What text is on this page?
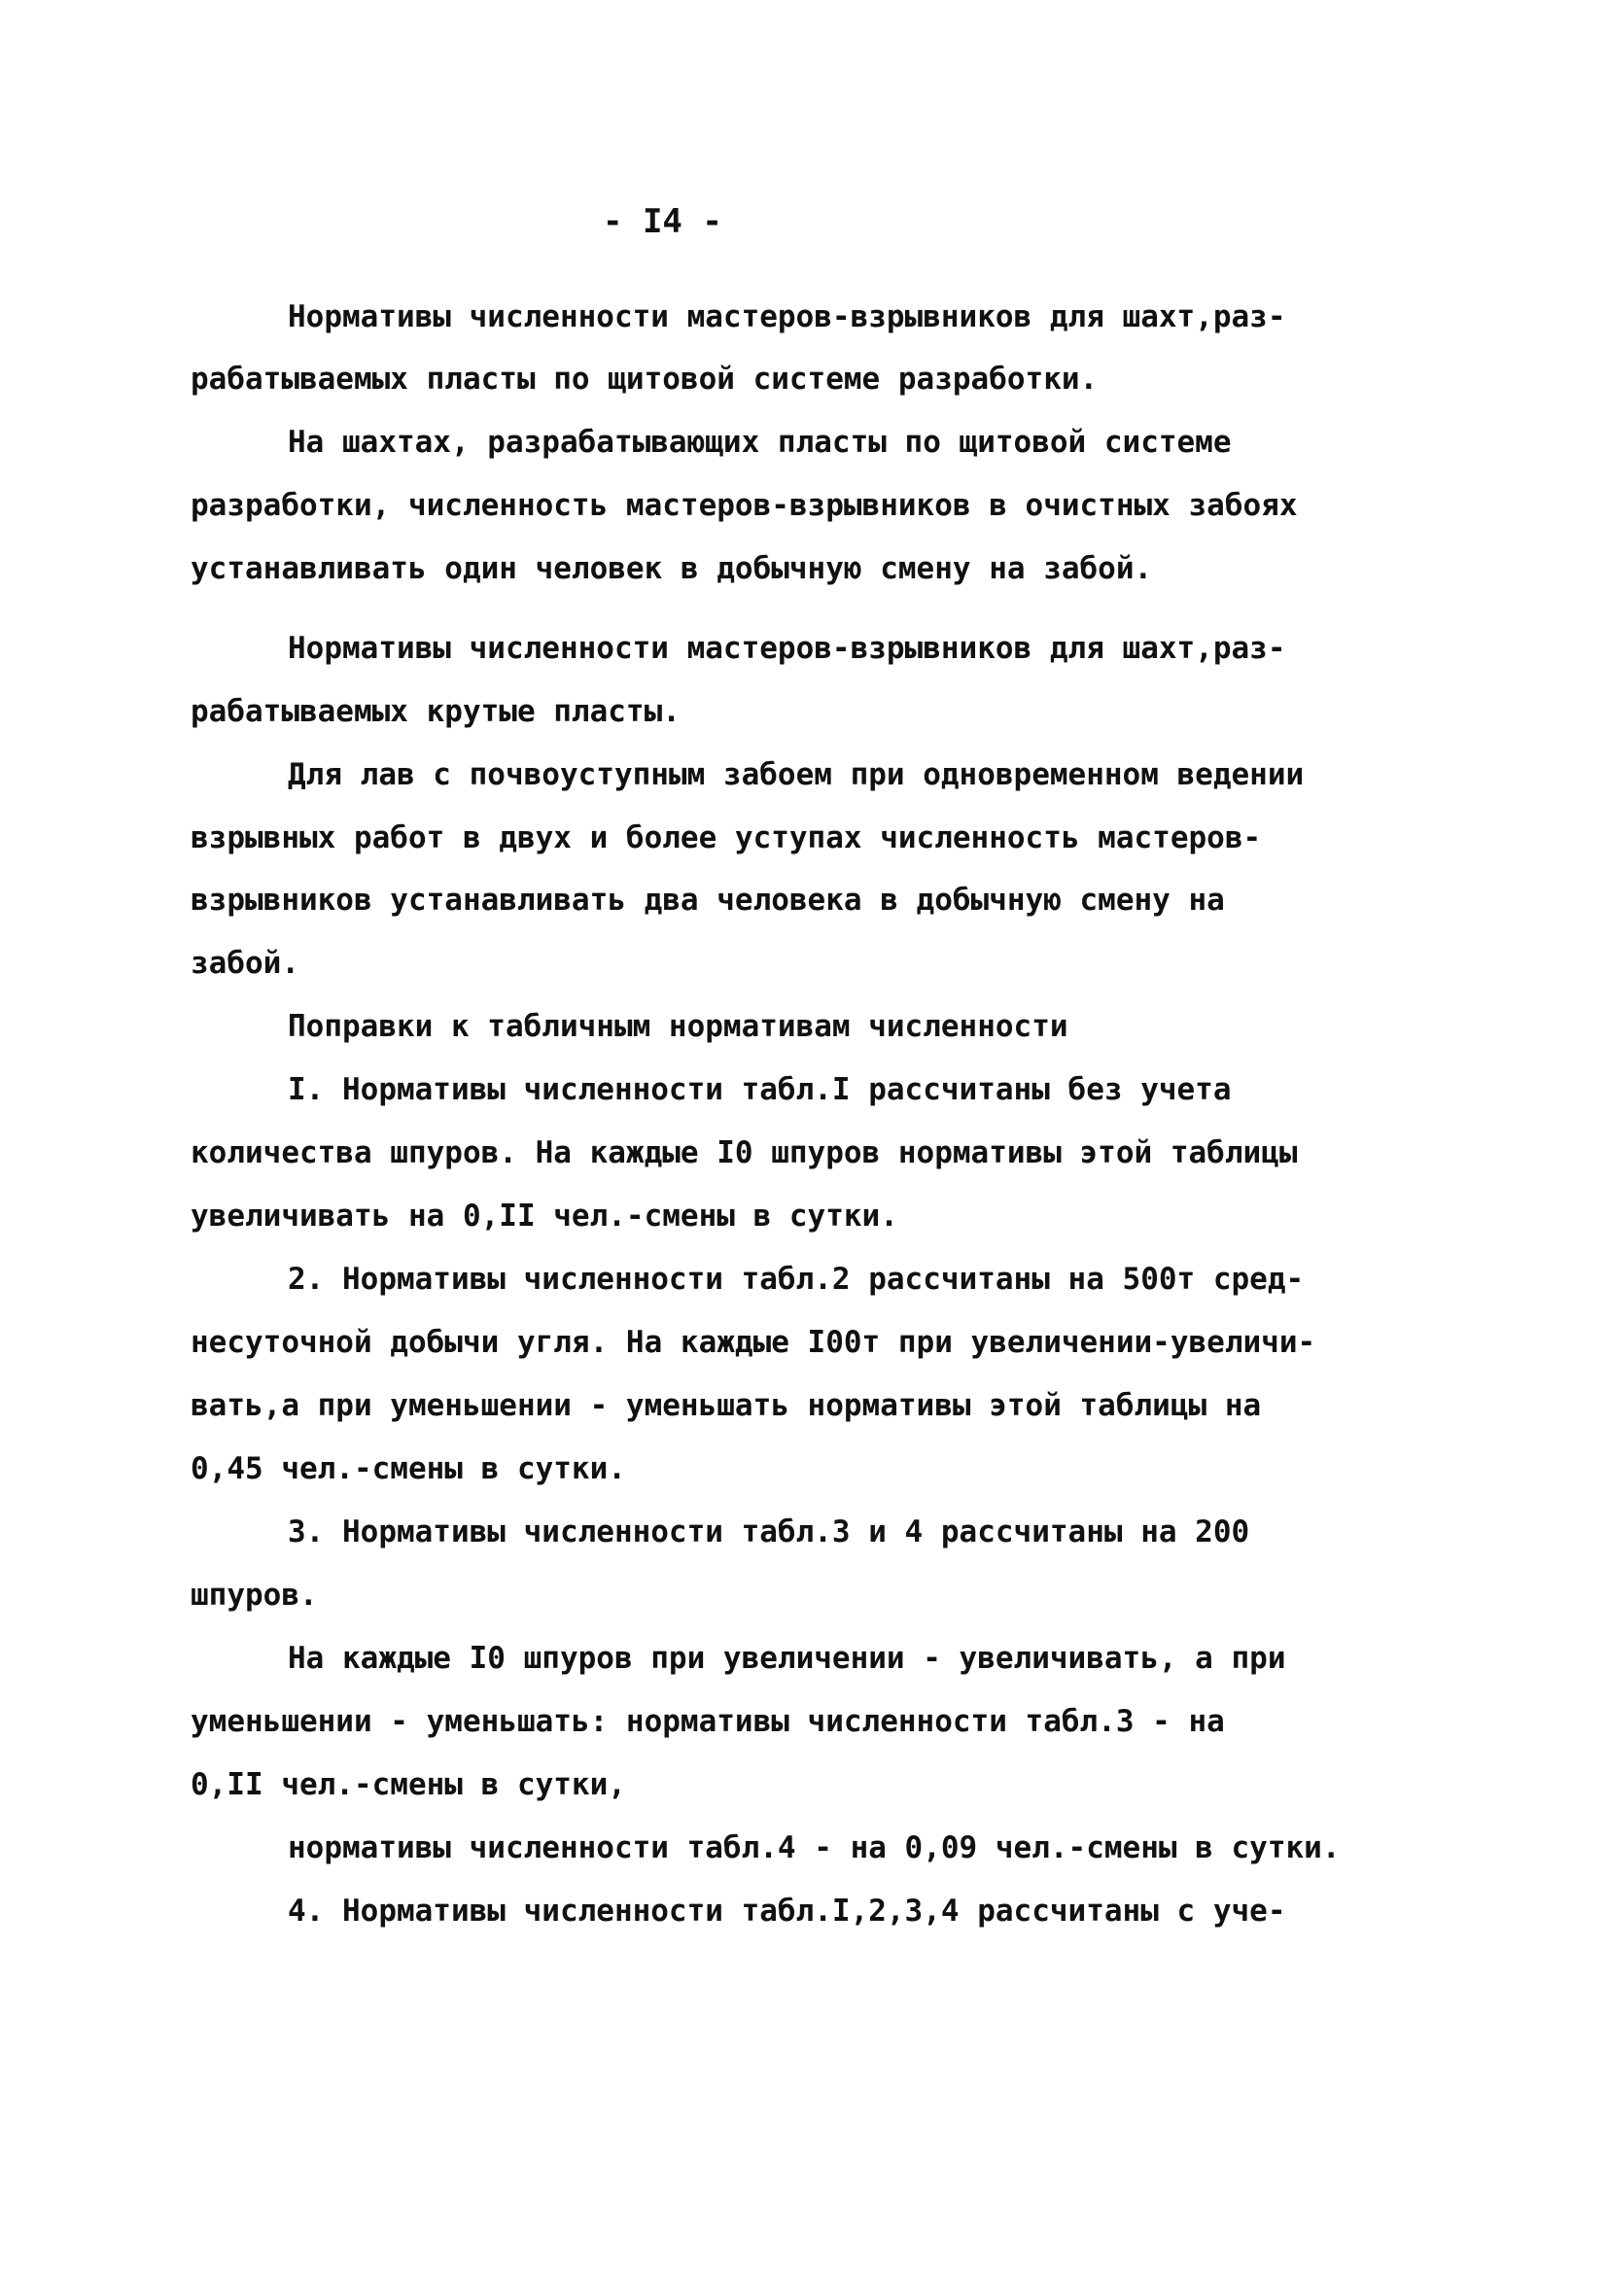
- I4 -
Нормативы численности мастеров-взрывников для шахт,раз-
рабатываемых пласты по щитовой системе разработки.
На шахтах, разрабатывающих пласты по щитовой системе
разработки, численность мастеров-взрывников в очистных забоях
устанавливать один человек в добычную смену на забой.
Нормативы численности мастеров-взрывников для шахт,раз-
рабатываемых крутые пласты.
Для лав с почвоуступным забоем при одновременном ведении
взрывных работ в двух и более уступах численность мастеров-
взрывников устанавливать два человека в добычную смену на
забой.
Поправки к табличным нормативам численности
I. Нормативы численности табл.I рассчитаны без учета
количества шпуров. На каждые I0 шпуров нормативы этой таблицы
увеличивать на 0,II чел.-смены в сутки.
2. Нормативы численности табл.2 рассчитаны на 500т сред-
несуточной добычи угля. На каждые I00т при увеличении-увеличи-
вать,а при уменьшении - уменьшать нормативы этой таблицы на
0,45 чел.-смены в сутки.
3. Нормативы численности табл.3 и 4 рассчитаны на 200
шпуров.
На каждые I0 шпуров при увеличении - увеличивать, а при
уменьшении - уменьшать: нормативы численности табл.3 - на
0,II чел.-смены в сутки,
нормативы численности табл.4 - на 0,09 чел.-смены в сутки.
4. Нормативы численности табл.I,2,3,4 рассчитаны с уче-
